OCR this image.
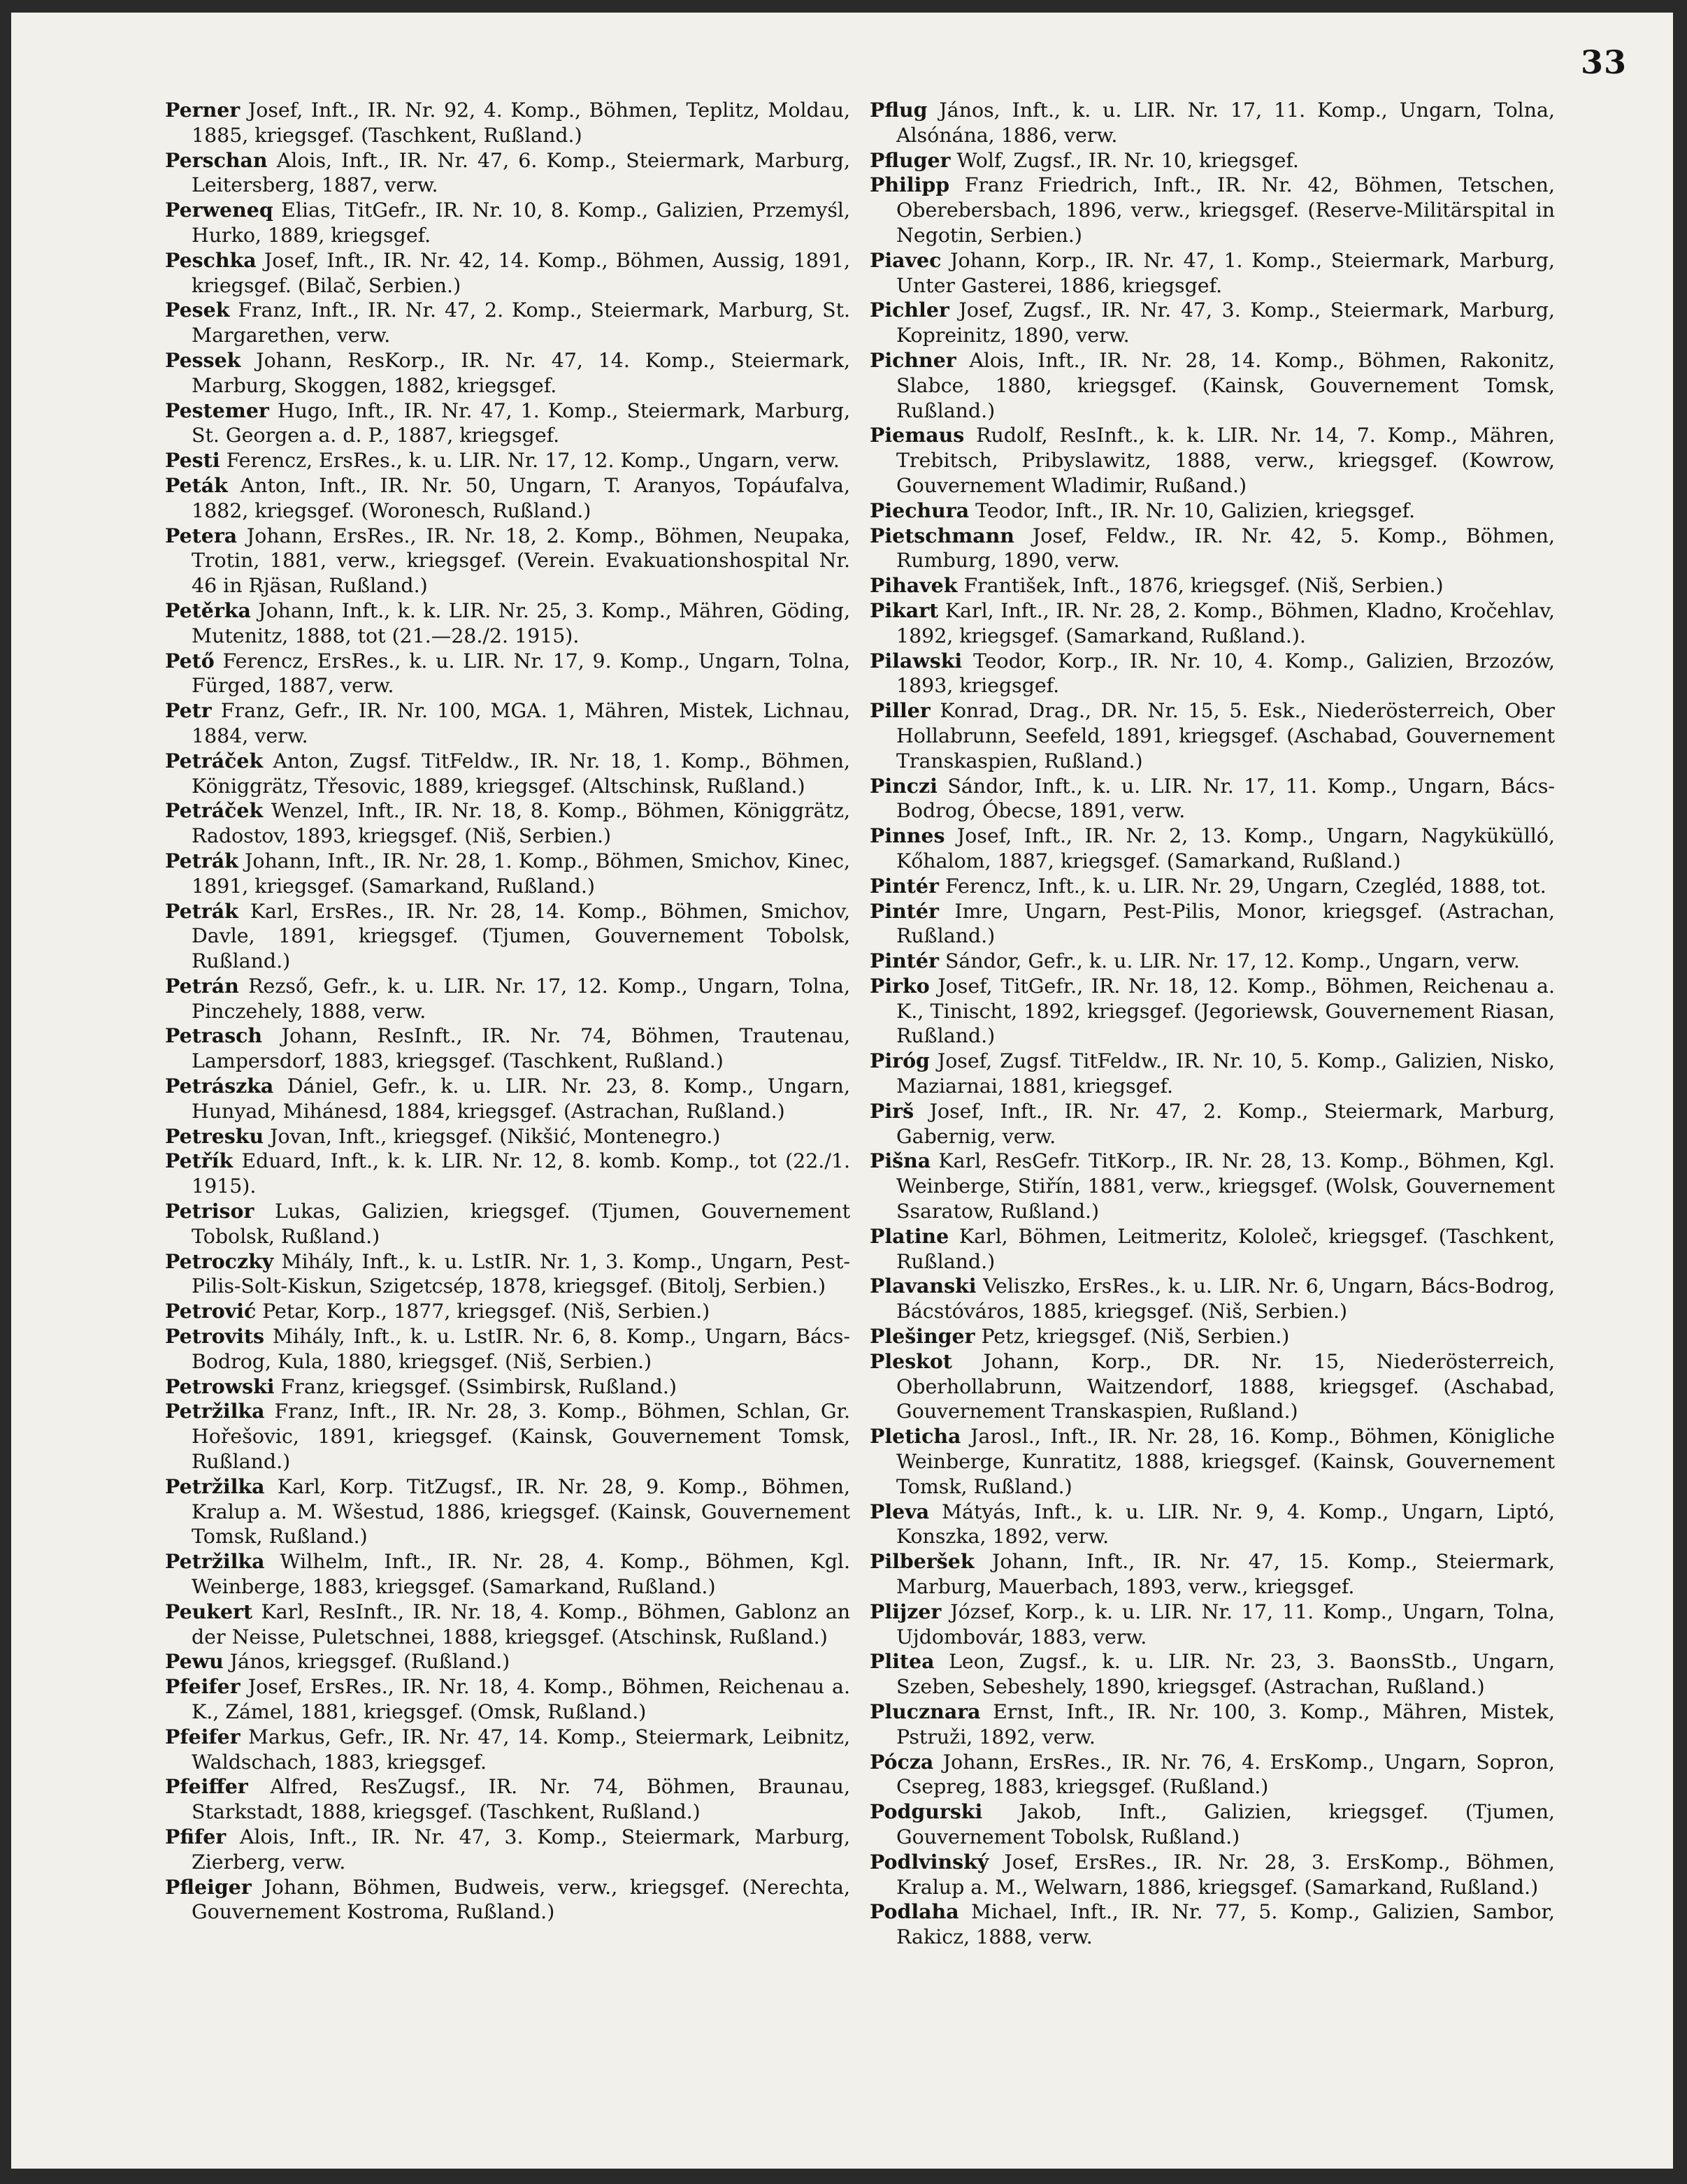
33

Perner Josef, Inft., IR. Nr. 92, 4. Komp., Böhmen, Teplitz, Moldau, 1885, kriegsgef. (Taschkent, Rußland.)

Perschan Alois, Inft., IR. Nr. 47, 6. Komp., Steiermark, Marburg, Leitersberg, 1887, verw.

Perweneq Elias, TitGefr., IR. Nr. 10, 8. Komp., Galizien, Przemyśl, Hurko, 1889, kriegsgef.

Peschka Josef, Inft., IR. Nr. 42, 14. Komp., Böhmen, Aussig, 1891, kriegsgef. (Bilač, Serbien.)

Pesek Franz, Inft., IR. Nr. 47, 2. Komp., Steiermark, Marburg, St. Margarethen, verw.

Pessek Johann, ResKorp., IR. Nr. 47, 14. Komp., Steiermark, Marburg, Skoggen, 1882, kriegsgef.

Pestemer Hugo, Inft., IR. Nr. 47, 1. Komp., Steiermark, Marburg, St. Georgen a. d. P., 1887, kriegsgef.

Pesti Ferencz, ErsRes., k. u. LIR. Nr. 17, 12. Komp., Ungarn, verw.

Peták Anton, Inft., IR. Nr. 50, Ungarn, T. Aranyos, Topáufalva, 1882, kriegsgef. (Woronesch, Rußland.)

Petera Johann, ErsRes., IR. Nr. 18, 2. Komp., Böhmen, Neupaka, Trotin, 1881, verw., kriegsgef. (Verein. Evakuationshospital Nr. 46 in Rjäsan, Rußland.)

Petěrka Johann, Inft., k. k. LIR. Nr. 25, 3. Komp., Mähren, Göding, Mutenitz, 1888, tot (21.—28./2. 1915).

Pető Ferencz, ErsRes., k. u. LIR. Nr. 17, 9. Komp., Ungarn, Tolna, Fürged, 1887, verw.

Petr Franz, Gefr., IR. Nr. 100, MGA. 1, Mähren, Mistek, Lichnau, 1884, verw.

Petráček Anton, Zugsf. TitFeldw., IR. Nr. 18, 1. Komp., Böhmen, Königgrätz, Třesovic, 1889, kriegsgef. (Altschinsk, Rußland.)

Petráček Wenzel, Inft., IR. Nr. 18, 8. Komp., Böhmen, Königgrätz, Radostov, 1893, kriegsgef. (Niš, Serbien.)

Petrák Johann, Inft., IR. Nr. 28, 1. Komp., Böhmen, Smichov, Kinec, 1891, kriegsgef. (Samarkand, Rußland.)

Petrák Karl, ErsRes., IR. Nr. 28, 14. Komp., Böhmen, Smichov, Davle, 1891, kriegsgef. (Tjumen, Gouvernement Tobolsk, Rußland.)

Petrán Rezső, Gefr., k. u. LIR. Nr. 17, 12. Komp., Ungarn, Tolna, Pinczehely, 1888, verw.

Petrasch Johann, ResInft., IR. Nr. 74, Böhmen, Trautenau, Lampersdorf, 1883, kriegsgef. (Taschkent, Rußland.)

Petrászka Dániel, Gefr., k. u. LIR. Nr. 23, 8. Komp., Ungarn, Hunyad, Mihánesd, 1884, kriegsgef. (Astrachan, Rußland.)

Petresku Jovan, Inft., kriegsgef. (Nikšić, Montenegro.)

Petřík Eduard, Inft., k. k. LIR. Nr. 12, 8. komb. Komp., tot (22./1. 1915).

Petrisor Lukas, Galizien, kriegsgef. (Tjumen, Gouvernement Tobolsk, Rußland.)

Petroczky Mihály, Inft., k. u. LstIR. Nr. 1, 3. Komp., Ungarn, Pest-Pilis-Solt-Kiskun, Szigetcsép, 1878, kriegsgef. (Bitolj, Serbien.)

Petrović Petar, Korp., 1877, kriegsgef. (Niš, Serbien.)

Petrovits Mihály, Inft., k. u. LstIR. Nr. 6, 8. Komp., Ungarn, Bács-Bodrog, Kula, 1880, kriegsgef. (Niš, Serbien.)

Petrowski Franz, kriegsgef. (Ssimbirsk, Rußland.)

Petržilka Franz, Inft., IR. Nr. 28, 3. Komp., Böhmen, Schlan, Gr. Hořešovic, 1891, kriegsgef. (Kainsk, Gouvernement Tomsk, Rußland.)

Petržilka Karl, Korp. TitZugsf., IR. Nr. 28, 9. Komp., Böhmen, Kralup a. M. Wšestud, 1886, kriegsgef. (Kainsk, Gouvernement Tomsk, Rußland.)

Petržilka Wilhelm, Inft., IR. Nr. 28, 4. Komp., Böhmen, Kgl. Weinberge, 1883, kriegsgef. (Samarkand, Rußland.)

Peukert Karl, ResInft., IR. Nr. 18, 4. Komp., Böhmen, Gablonz an der Neisse, Puletschnei, 1888, kriegsgef. (Atschinsk, Rußland.)

Pewu János, kriegsgef. (Rußland.)

Pfeifer Josef, ErsRes., IR. Nr. 18, 4. Komp., Böhmen, Reichenau a. K., Zámel, 1881, kriegsgef. (Omsk, Rußland.)

Pfeifer Markus, Gefr., IR. Nr. 47, 14. Komp., Steiermark, Leibnitz, Waldschach, 1883, kriegsgef.

Pfeiffer Alfred, ResZugsf., IR. Nr. 74, Böhmen, Braunau, Starkstadt, 1888, kriegsgef. (Taschkent, Rußland.)

Pfifer Alois, Inft., IR. Nr. 47, 3. Komp., Steiermark, Marburg, Zierberg, verw.

Pfleiger Johann, Böhmen, Budweis, verw., kriegsgef. (Nerechta, Gouvernement Kostroma, Rußland.)

Pflug János, Inft., k. u. LIR. Nr. 17, 11. Komp., Ungarn, Tolna, Alsónána, 1886, verw.

Pfluger Wolf, Zugsf., IR. Nr. 10, kriegsgef.

Philipp Franz Friedrich, Inft., IR. Nr. 42, Böhmen, Tetschen, Oberebersbach, 1896, verw., kriegsgef. (Reserve-Militärspital in Negotin, Serbien.)

Piavec Johann, Korp., IR. Nr. 47, 1. Komp., Steiermark, Marburg, Unter Gasterei, 1886, kriegsgef.

Pichler Josef, Zugsf., IR. Nr. 47, 3. Komp., Steiermark, Marburg, Kopreinitz, 1890, verw.

Pichner Alois, Inft., IR. Nr. 28, 14. Komp., Böhmen, Rakonitz, Slabce, 1880, kriegsgef. (Kainsk, Gouvernement Tomsk, Rußland.)

Piemaus Rudolf, ResInft., k. k. LIR. Nr. 14, 7. Komp., Mähren, Trebitsch, Pribyslawitz, 1888, verw., kriegsgef. (Kowrow, Gouvernement Wladimir, Rußand.)

Piechura Teodor, Inft., IR. Nr. 10, Galizien, kriegsgef.

Pietschmann Josef, Feldw., IR. Nr. 42, 5. Komp., Böhmen, Rumburg, 1890, verw.

Pihavek František, Inft., 1876, kriegsgef. (Niš, Serbien.)

Pikart Karl, Inft., IR. Nr. 28, 2. Komp., Böhmen, Kladno, Kročehlav, 1892, kriegsgef. (Samarkand, Rußland.).

Pilawski Teodor, Korp., IR. Nr. 10, 4. Komp., Galizien, Brzozów, 1893, kriegsgef.

Piller Konrad, Drag., DR. Nr. 15, 5. Esk., Niederösterreich, Ober Hollabrunn, Seefeld, 1891, kriegsgef. (Aschabad, Gouvernement Transkaspien, Rußland.)

Pinczi Sándor, Inft., k. u. LIR. Nr. 17, 11. Komp., Ungarn, Bács-Bodrog, Óbecse, 1891, verw.

Pinnes Josef, Inft., IR. Nr. 2, 13. Komp., Ungarn, Nagykükülló, Kőhalom, 1887, kriegsgef. (Samarkand, Rußland.)

Pintér Ferencz, Inft., k. u. LIR. Nr. 29, Ungarn, Czegléd, 1888, tot.

Pintér Imre, Ungarn, Pest-Pilis, Monor, kriegsgef. (Astrachan, Rußland.)

Pintér Sándor, Gefr., k. u. LIR. Nr. 17, 12. Komp., Ungarn, verw.

Pirko Josef, TitGefr., IR. Nr. 18, 12. Komp., Böhmen, Reichenau a. K., Tinischt, 1892, kriegsgef. (Jegoriewsk, Gouvernement Riasan, Rußland.)

Piróg Josef, Zugsf. TitFeldw., IR. Nr. 10, 5. Komp., Galizien, Nisko, Maziarnai, 1881, kriegsgef.

Pirš Josef, Inft., IR. Nr. 47, 2. Komp., Steiermark, Marburg, Gabernig, verw.

Pišna Karl, ResGefr. TitKorp., IR. Nr. 28, 13. Komp., Böhmen, Kgl. Weinberge, Stiřín, 1881, verw., kriegsgef. (Wolsk, Gouvernement Ssaratow, Rußland.)

Platine Karl, Böhmen, Leitmeritz, Kololeč, kriegsgef. (Taschkent, Rußland.)

Plavanski Veliszko, ErsRes., k. u. LIR. Nr. 6, Ungarn, Bács-Bodrog, Bácstóváros, 1885, kriegsgef. (Niš, Serbien.)

Plešinger Petz, kriegsgef. (Niš, Serbien.)

Pleskot Johann, Korp., DR. Nr. 15, Niederösterreich, Oberhollabrunn, Waitzendorf, 1888, kriegsgef. (Aschabad, Gouvernement Transkaspien, Rußland.)

Pleticha Jarosl., Inft., IR. Nr. 28, 16. Komp., Böhmen, Königliche Weinberge, Kunratitz, 1888, kriegsgef. (Kainsk, Gouvernement Tomsk, Rußland.)

Pleva Mátyás, Inft., k. u. LIR. Nr. 9, 4. Komp., Ungarn, Liptó, Konszka, 1892, verw.

Pilberšek Johann, Inft., IR. Nr. 47, 15. Komp., Steiermark, Marburg, Mauerbach, 1893, verw., kriegsgef.

Plijzer József, Korp., k. u. LIR. Nr. 17, 11. Komp., Ungarn, Tolna, Ujdombovár, 1883, verw.

Plitea Leon, Zugsf., k. u. LIR. Nr. 23, 3. BaonsStb., Ungarn, Szeben, Sebeshely, 1890, kriegsgef. (Astrachan, Rußland.)

Plucznara Ernst, Inft., IR. Nr. 100, 3. Komp., Mähren, Mistek, Pstruži, 1892, verw.

Pócza Johann, ErsRes., IR. Nr. 76, 4. ErsKomp., Ungarn, Sopron, Csepreg, 1883, kriegsgef. (Rußland.)

Podgurski Jakob, Inft., Galizien, kriegsgef. (Tjumen, Gouvernement Tobolsk, Rußland.)

Podlvinský Josef, ErsRes., IR. Nr. 28, 3. ErsKomp., Böhmen, Kralup a. M., Welwarn, 1886, kriegsgef. (Samarkand, Rußland.)

Podlaha Michael, Inft., IR. Nr. 77, 5. Komp., Galizien, Sambor, Rakicz, 1888, verw.
